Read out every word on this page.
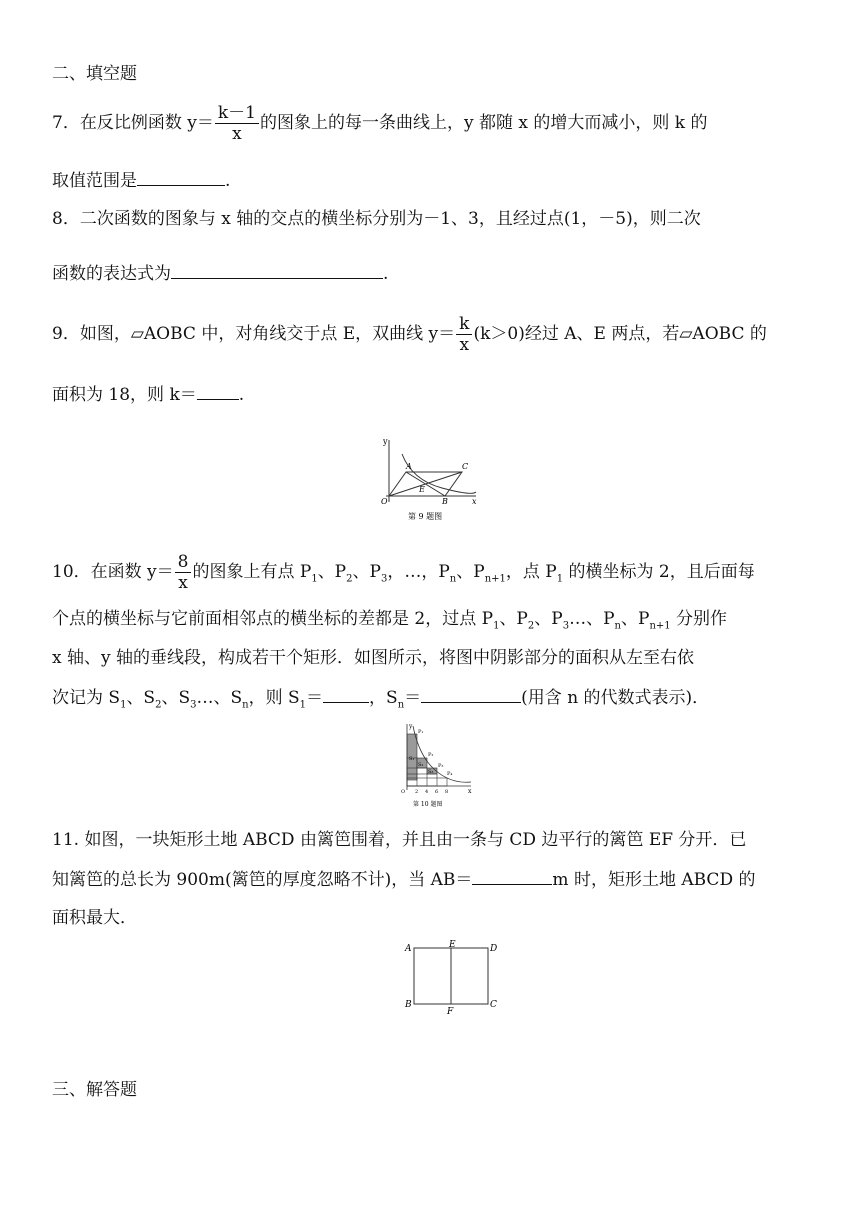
二、填空题
7．在反比例函数 $y= \frac{k-1}{x}$ 的图象上的每一条曲线上，y 都随 x 的增大而减小，则 k 的
取值范围是	.
8．二次函数的图象与 x 轴的交点的横坐标分别为－1、3，且经过点(1，－5)，则二次
函数的表达式为	.
9．如图，▱AOBC 中，对角线交于点 E，双曲线 $y= \frac{k}{x} (k>0)$经过 A、E 两点，若▱AOBC 的
面积为 18，则 k＝ .
y
x
O
A	C
E
B
第 9 题图
10．在函数 $y= \frac{8}{x}$ 的图象上有点 $P_1$、$P_2$、$P_3$，…，$P_n$、$P_{n+1}$，点 $P_1$ 的横坐标为 2，且后面每
个点的横坐标与它前面相邻点的横坐标的差都是 2，过点 $P_1$、$P_2$、$P_3\dots$、$P_n$、$P_{n+1}$ 分别作
x 轴、y 轴的垂线段，构成若干个矩形．如图所示，将图中阴影部分的面积从左至右依
次记为 $S_1$、$S_2$、$S_3\dots$、$S_n$，则 $S_1=$	，$S_n=$	(用含 n 的代数式表示)．
y
x
P₁
P₂
P₃
P₄
S₁
S₂
S₃
O 2 4 6 8
第 10 题图
11. 如图，一块矩形土地 ABCD 由篱笆围着，并且由一条与 CD 边平行的篱笆 EF 分开．已
知篱笆的总长为 900m(篱笆的厚度忽略不计)，当 AB＝	m 时，矩形土地 ABCD 的
面积最大．
A	E	D
B
F
C
三、解答题
